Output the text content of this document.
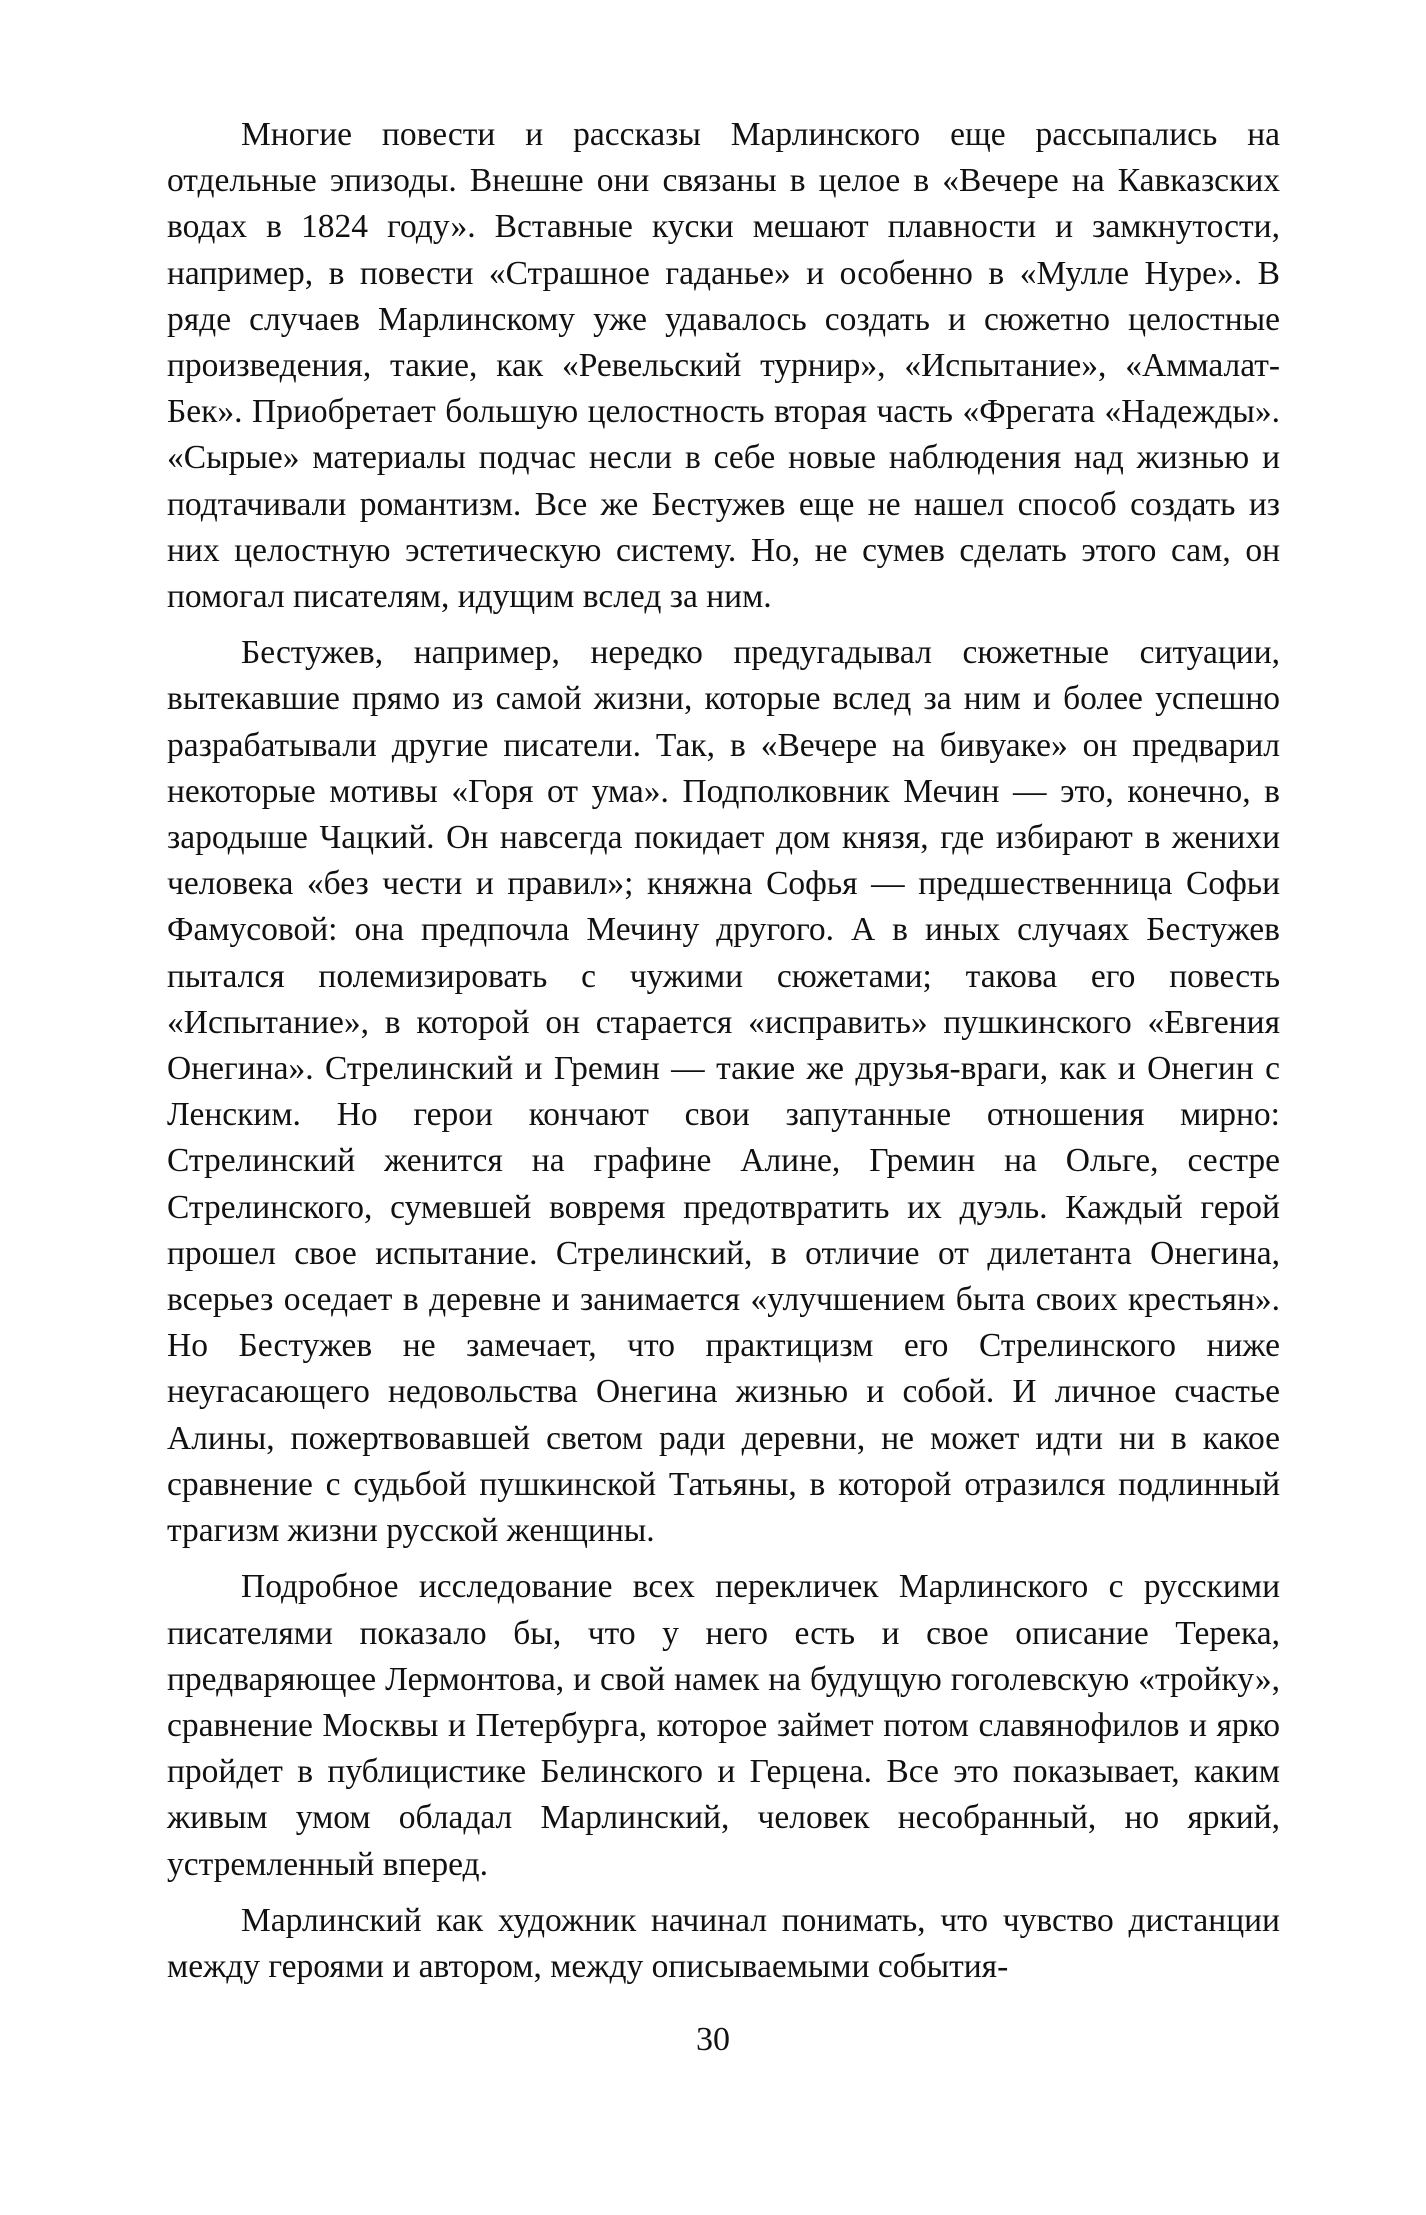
Многие повести и рассказы Марлинского еще рассыпались на отдельные эпизоды. Внешне они связаны в целое в «Вечере на Кавказских водах в 1824 году». Вставные куски мешают плавности и замкнутости, например, в повести «Страшное гаданье» и особенно в «Мулле Нуре». В ряде случаев Марлинскому уже удавалось создать и сюжетно целостные произведения, такие, как «Ревельский турнир», «Испытание», «Аммалат-Бек». Приобретает большую целостность вторая часть «Фрегата «Надежды». «Сырые» материалы подчас несли в себе новые наблюдения над жизнью и подтачивали романтизм. Все же Бестужев еще не нашел способ создать из них целостную эстетическую систему. Но, не сумев сделать этого сам, он помогал писателям, идущим вслед за ним.

Бестужев, например, нередко предугадывал сюжетные ситуации, вытекавшие прямо из самой жизни, которые вслед за ним и более успешно разрабатывали другие писатели. Так, в «Вечере на бивуаке» он предварил некоторые мотивы «Горя от ума». Подполковник Мечин — это, конечно, в зародыше Чацкий. Он навсегда покидает дом князя, где избирают в женихи человека «без чести и правил»; княжна Софья — предшественница Софьи Фамусовой: она предпочла Мечину другого. А в иных случаях Бестужев пытался полемизировать с чужими сюжетами; такова его повесть «Испытание», в которой он старается «исправить» пушкинского «Евгения Онегина». Стрелинский и Гремин — такие же друзья-враги, как и Онегин с Ленским. Но герои кончают свои запутанные отношения мирно: Стрелинский женится на графине Алине, Гремин на Ольге, сестре Стрелинского, сумевшей вовремя предотвратить их дуэль. Каждый герой прошел свое испытание. Стрелинский, в отличие от дилетанта Онегина, всерьез оседает в деревне и занимается «улучшением быта своих крестьян». Но Бестужев не замечает, что практицизм его Стрелинского ниже неугасающего недовольства Онегина жизнью и собой. И личное счастье Алины, пожертвовавшей светом ради деревни, не может идти ни в какое сравнение с судьбой пушкинской Татьяны, в которой отразился подлинный трагизм жизни русской женщины.

Подробное исследование всех перекличек Марлинского с русскими писателями показало бы, что у него есть и свое описание Терека, предваряющее Лермонтова, и свой намек на будущую гоголевскую «тройку», сравнение Москвы и Петербурга, которое займет потом славянофилов и ярко пройдет в публицистике Белинского и Герцена. Все это показывает, каким живым умом обладал Марлинский, человек несобранный, но яркий, устремленный вперед.

Марлинский как художник начинал понимать, что чувство дистанции между героями и автором, между описываемыми события-

30
